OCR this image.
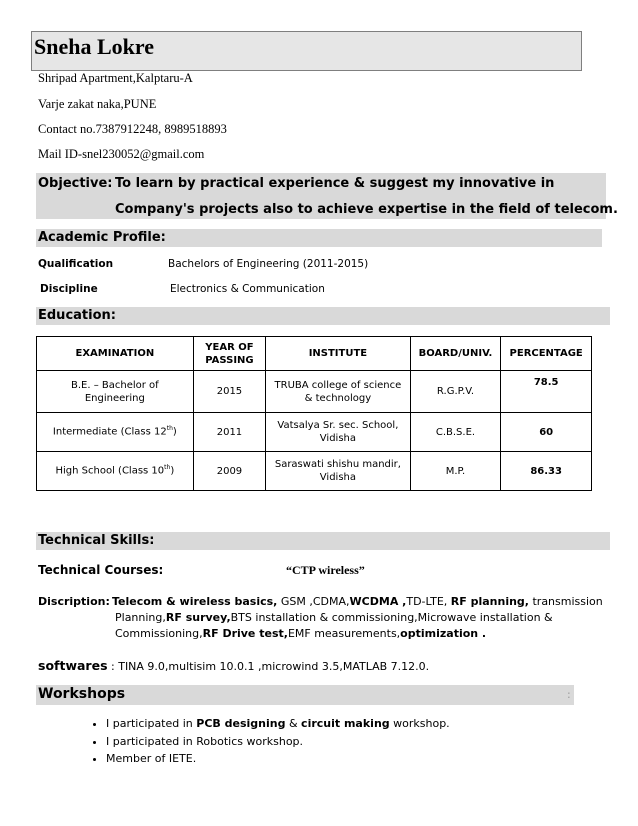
Sneha Lokre
Shripad Apartment,Kalptaru-A
Varje zakat naka,PUNE
Contact no.7387912248, 8989518893
Mail ID-snel230052@gmail.com
Objective: To learn by practical experience & suggest my innovative in
Company's projects also to achieve expertise in the field of telecom.
Academic Profile:
Qualification	Bachelors of Engineering (2011-2015)
Discipline	Electronics & Communication
Education:
EXAMINATION	YEAR OF PASSING	INSTITUTE	BOARD/UNIV.	PERCENTAGE
B.E. – Bachelor of Engineering	2015	TRUBA college of science & technology	R.G.P.V.	78.5
Intermediate (Class 12th)	2011	Vatsalya Sr. sec. School, Vidisha	C.B.S.E.	60
High School (Class 10th)	2009	Saraswati shishu mandir, Vidisha	M.P.	86.33
Technical Skills:
Technical Courses:	“CTP wireless”
Discription: Telecom & wireless basics, GSM ,CDMA,WCDMA ,TD-LTE, RF planning, transmission
Planning,RF survey,BTS installation & commissioning,Microwave installation &
Commissioning,RF Drive test,EMF measurements,optimization .
softwares : TINA 9.0,multisim 10.0.1 ,microwind 3.5,MATLAB 7.12.0.
Workshops	:
• I participated in PCB designing & circuit making workshop.
• I participated in Robotics workshop.
• Member of IETE.
